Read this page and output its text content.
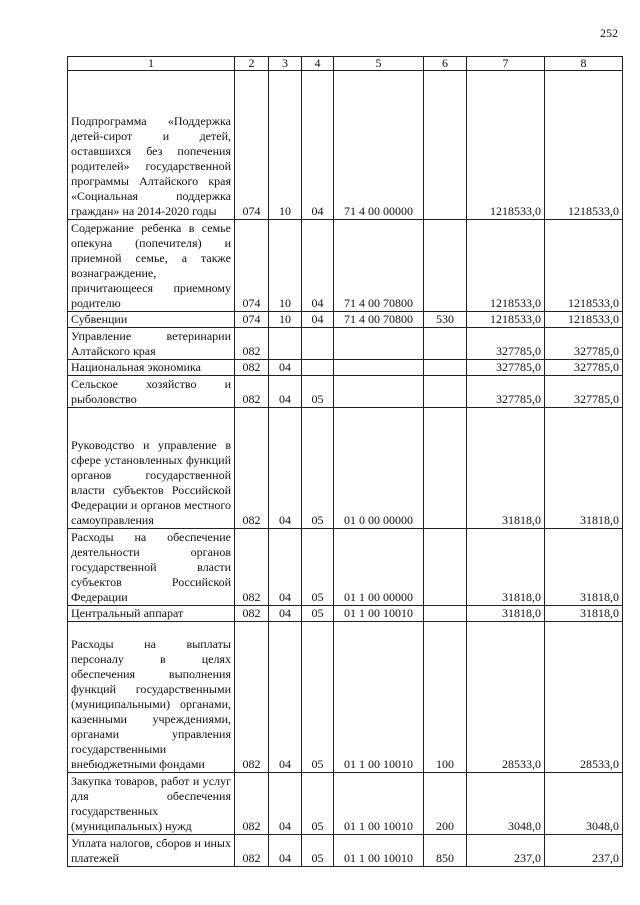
252
1	2	3	4	5	6	7	8
Подпрограмма «Поддержка детей-сирот и детей, оставшихся без попечения родителей» государственной программы Алтайского края «Социальная поддержка граждан» на 2014-2020 годы	074	10	04	71 4 00 00000		1218533,0	1218533,0
Содержание ребенка в семье опекуна (попечителя) и приемной семье, а также вознаграждение, причитающееся приемному родителю	074	10	04	71 4 00 70800		1218533,0	1218533,0
Субвенции	074	10	04	71 4 00 70800	530	1218533,0	1218533,0
Управление ветеринарии Алтайского края	082					327785,0	327785,0
Национальная экономика	082	04				327785,0	327785,0
Сельское хозяйство и рыболовство	082	04	05			327785,0	327785,0
Руководство и управление в сфере установленных функций органов государственной власти субъектов Российской Федерации и органов местного самоуправления	082	04	05	01 0 00 00000		31818,0	31818,0
Расходы на обеспечение деятельности органов государственной власти субъектов Российской Федерации	082	04	05	01 1 00 00000		31818,0	31818,0
Центральный аппарат	082	04	05	01 1 00 10010		31818,0	31818,0
Расходы на выплаты персоналу в целях обеспечения выполнения функций государственными (муниципальными) органами, казенными учреждениями, органами управления государственными внебюджетными фондами	082	04	05	01 1 00 10010	100	28533,0	28533,0
Закупка товаров, работ и услуг для обеспечения государственных (муниципальных) нужд	082	04	05	01 1 00 10010	200	3048,0	3048,0
Уплата налогов, сборов и иных платежей	082	04	05	01 1 00 10010	850	237,0	237,0
